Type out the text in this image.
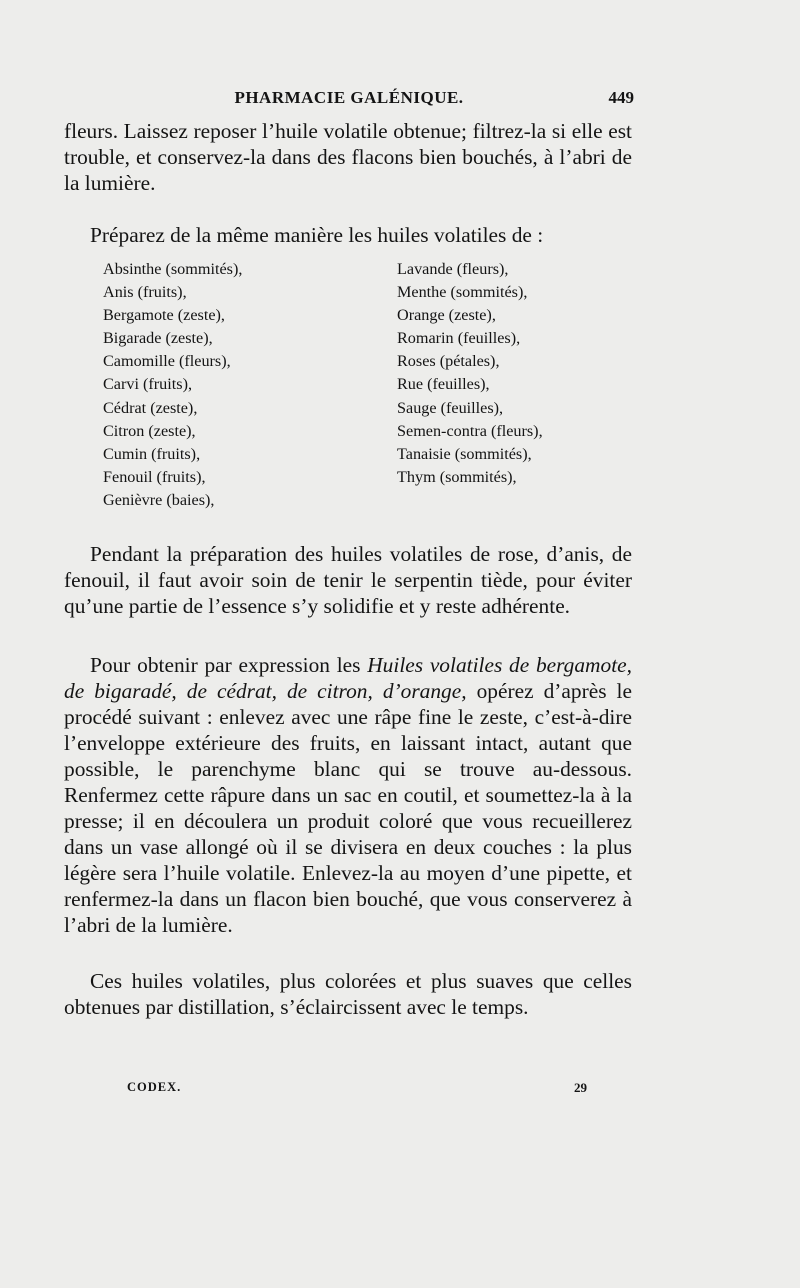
PHARMACIE GALÉNIQUE.	449

fleurs. Laissez reposer l’huile volatile obtenue; filtrez-la si elle est trouble, et conservez-la dans des flacons bien bouchés, à l’abri de la lumière.

Préparez de la même manière les huiles volatiles de :

Absinthe (sommités),
Anis (fruits),
Bergamote (zeste),
Bigarade (zeste),
Camomille (fleurs),
Carvi (fruits),
Cédrat (zeste),
Citron (zeste),
Cumin (fruits),
Fenouil (fruits),
Genièvre (baies),
Lavande (fleurs),
Menthe (sommités),
Orange (zeste),
Romarin (feuilles),
Roses (pétales),
Rue (feuilles),
Sauge (feuilles),
Semen-contra (fleurs),
Tanaisie (sommités),
Thym (sommités),

Pendant la préparation des huiles volatiles de rose, d’anis, de fenouil, il faut avoir soin de tenir le serpentin tiède, pour éviter qu’une partie de l’essence s’y solidifie et y reste adhérente.

Pour obtenir par expression les Huiles volatiles de bergamote, de bigaradé, de cédrat, de citron, d’orange, opérez d’après le procédé suivant : enlevez avec une râpe fine le zeste, c’est-à-dire l’enveloppe extérieure des fruits, en laissant intact, autant que possible, le parenchyme blanc qui se trouve au-dessous. Renfermez cette râpure dans un sac en coutil, et soumettez-la à la presse; il en découlera un produit coloré que vous recueillerez dans un vase allongé où il se divisera en deux couches : la plus légère sera l’huile volatile. Enlevez-la au moyen d’une pipette, et renfermez-la dans un flacon bien bouché, que vous conserverez à l’abri de la lumière.

Ces huiles volatiles, plus colorées et plus suaves que celles obtenues par distillation, s’éclaircissent avec le temps.

CODEX.	29
